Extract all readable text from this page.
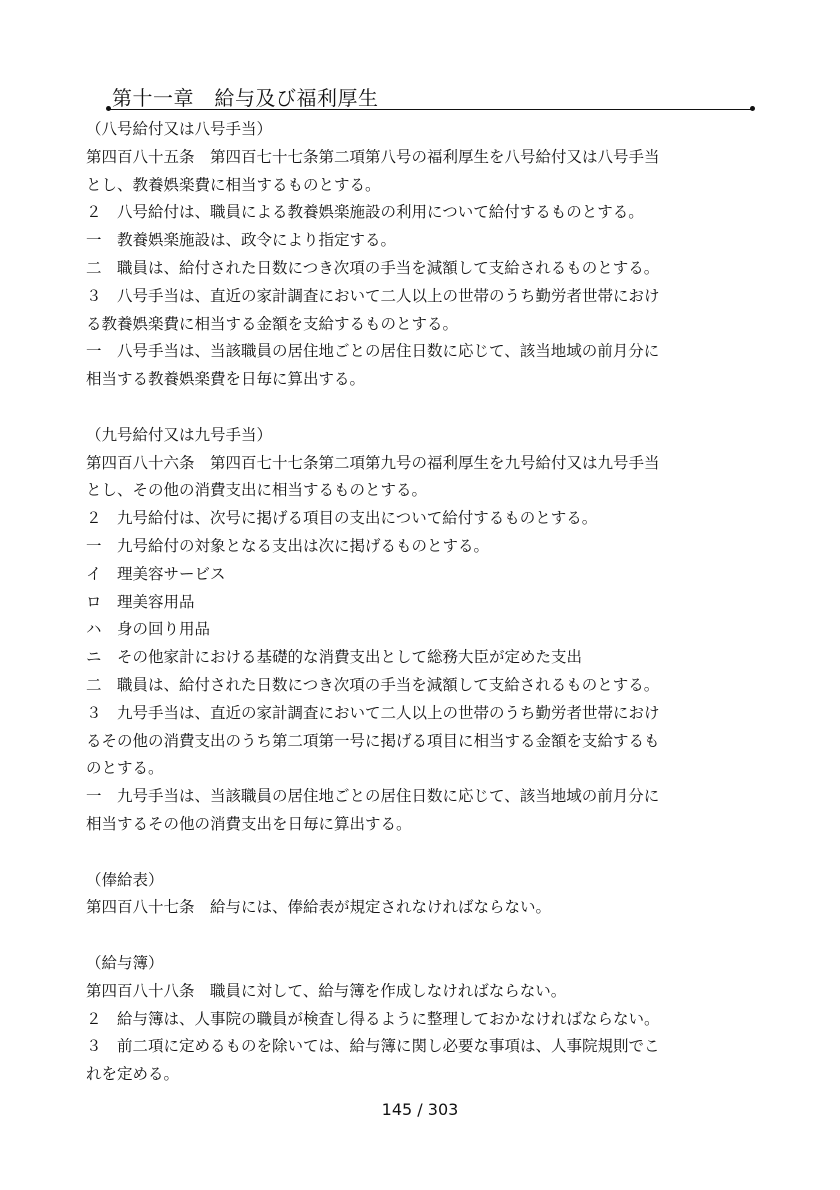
第十一章　給与及び福利厚生
（八号給付又は八号手当）
第四百八十五条　第四百七十七条第二項第八号の福利厚生を八号給付又は八号手当
とし、教養娯楽費に相当するものとする。
２　八号給付は、職員による教養娯楽施設の利用について給付するものとする。
一　教養娯楽施設は、政令により指定する。
二　職員は、給付された日数につき次項の手当を減額して支給されるものとする。
３　八号手当は、直近の家計調査において二人以上の世帯のうち勤労者世帯におけ
る教養娯楽費に相当する金額を支給するものとする。
一　八号手当は、当該職員の居住地ごとの居住日数に応じて、該当地域の前月分に
相当する教養娯楽費を日毎に算出する。

（九号給付又は九号手当）
第四百八十六条　第四百七十七条第二項第九号の福利厚生を九号給付又は九号手当
とし、その他の消費支出に相当するものとする。
２　九号給付は、次号に掲げる項目の支出について給付するものとする。
一　九号給付の対象となる支出は次に掲げるものとする。
イ　理美容サービス
ロ　理美容用品
ハ　身の回り用品
ニ　その他家計における基礎的な消費支出として総務大臣が定めた支出
二　職員は、給付された日数につき次項の手当を減額して支給されるものとする。
３　九号手当は、直近の家計調査において二人以上の世帯のうち勤労者世帯におけ
るその他の消費支出のうち第二項第一号に掲げる項目に相当する金額を支給するも
のとする。
一　九号手当は、当該職員の居住地ごとの居住日数に応じて、該当地域の前月分に
相当するその他の消費支出を日毎に算出する。

（俸給表）
第四百八十七条　給与には、俸給表が規定されなければならない。

（給与簿）
第四百八十八条　職員に対して、給与簿を作成しなければならない。
２　給与簿は、人事院の職員が検査し得るように整理しておかなければならない。
３　前二項に定めるものを除いては、給与簿に関し必要な事項は、人事院規則でこ
れを定める。
145 / 303
